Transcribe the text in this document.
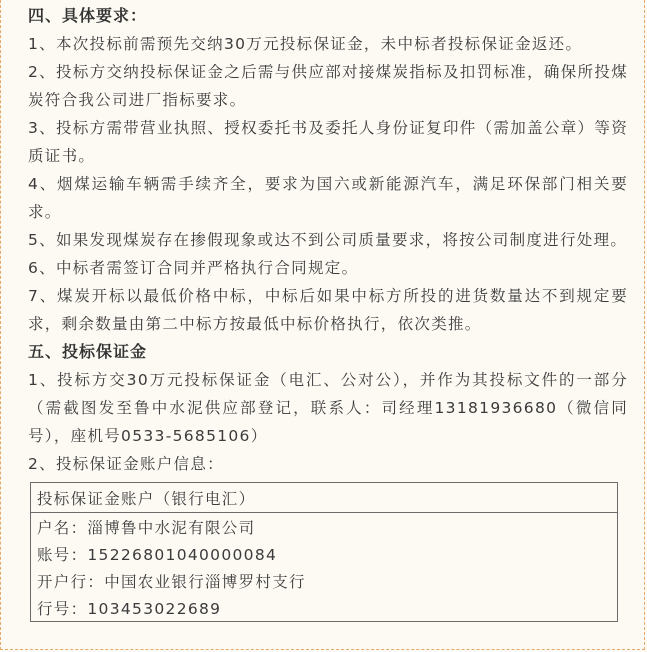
四、具体要求：
1、本次投标前需预先交纳30万元投标保证金，未中标者投标保证金返还。
2、投标方交纳投标保证金之后需与供应部对接煤炭指标及扣罚标准，确保所投煤炭符合我公司进厂指标要求。
3、投标方需带营业执照、授权委托书及委托人身份证复印件（需加盖公章）等资质证书。
4、烟煤运输车辆需手续齐全，要求为国六或新能源汽车，满足环保部门相关要求。
5、如果发现煤炭存在掺假现象或达不到公司质量要求，将按公司制度进行处理。
6、中标者需签订合同并严格执行合同规定。
7、煤炭开标以最低价格中标，中标后如果中标方所投的进货数量达不到规定要求，剩余数量由第二中标方按最低中标价格执行，依次类推。
五、投标保证金
1、投标方交30万元投标保证金（电汇、公对公），并作为其投标文件的一部分（需截图发至鲁中水泥供应部登记，联系人：司经理13181936680（微信同号），座机号0533-5685106）
2、投标保证金账户信息：
投标保证金账户（银行电汇）
户名：淄博鲁中水泥有限公司
账号：15226801040000084
开户行：中国农业银行淄博罗村支行
行号：103453022689
